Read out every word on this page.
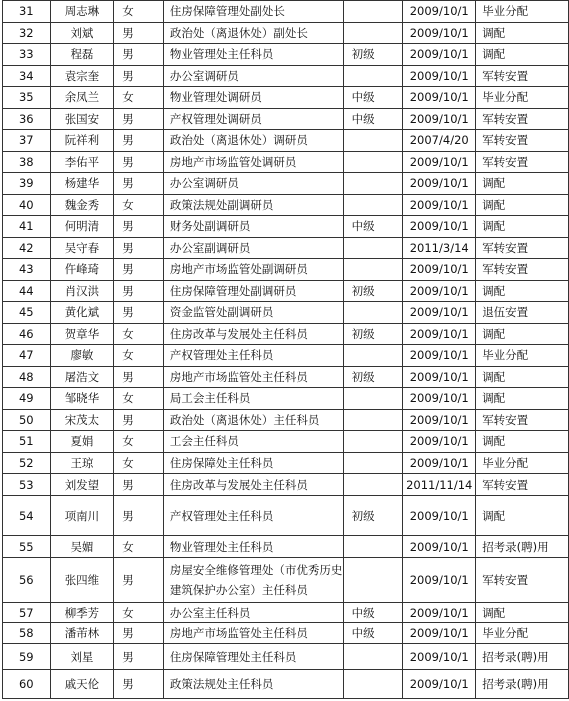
31	周志琳	女	住房保障管理处副处长		2009/10/1	毕业分配
32	刘斌	男	政治处（离退休处）副处长		2009/10/1	调配
33	程磊	男	物业管理处主任科员	初级	2009/10/1	调配
34	袁宗奎	男	办公室调研员		2009/10/1	军转安置
35	余凤兰	女	物业管理处调研员	中级	2009/10/1	毕业分配
36	张国安	男	产权管理处调研员	中级	2009/10/1	军转安置
37	阮祥利	男	政治处（离退休处）调研员		2007/4/20	军转安置
38	李佑平	男	房地产市场监管处调研员		2009/10/1	军转安置
39	杨建华	男	办公室调研员		2009/10/1	调配
40	魏金秀	女	政策法规处副调研员		2009/10/1	调配
41	何明清	男	财务处副调研员	中级	2009/10/1	调配
42	吴守春	男	办公室副调研员		2011/3/14	军转安置
43	仵峰琦	男	房地产市场监管处副调研员		2009/10/1	军转安置
44	肖汉洪	男	住房保障管理处副调研员	初级	2009/10/1	调配
45	黄化斌	男	资金监管处副调研员		2009/10/1	退伍安置
46	贺章华	女	住房改革与发展处主任科员	初级	2009/10/1	调配
47	廖敏	女	产权管理处主任科员		2009/10/1	毕业分配
48	屠浩文	男	房地产市场监管处主任科员	初级	2009/10/1	调配
49	邹晓华	女	局工会主任科员		2009/10/1	调配
50	宋茂太	男	政治处（离退休处）主任科员		2009/10/1	军转安置
51	夏娟	女	工会主任科员		2009/10/1	调配
52	王琼	女	住房保障处主任科员		2009/10/1	毕业分配
53	刘发望	男	住房改革与发展处主任科员		2011/11/14	军转安置
54	项南川	男	产权管理处主任科员	初级	2009/10/1	调配
55	吴媚	女	物业管理处主任科员		2009/10/1	招考录(聘)用
56	张四维	男	房屋安全维修管理处（市优秀历史建筑保护办公室）主任科员		2009/10/1	军转安置
57	柳季芳	女	办公室主任科员	中级	2009/10/1	调配
58	潘芾林	男	房地产市场监管处主任科员	中级	2009/10/1	毕业分配
59	刘星	男	住房保障管理处主任科员		2009/10/1	招考录(聘)用
60	戚天伦	男	政策法规处主任科员		2009/10/1	招考录(聘)用
